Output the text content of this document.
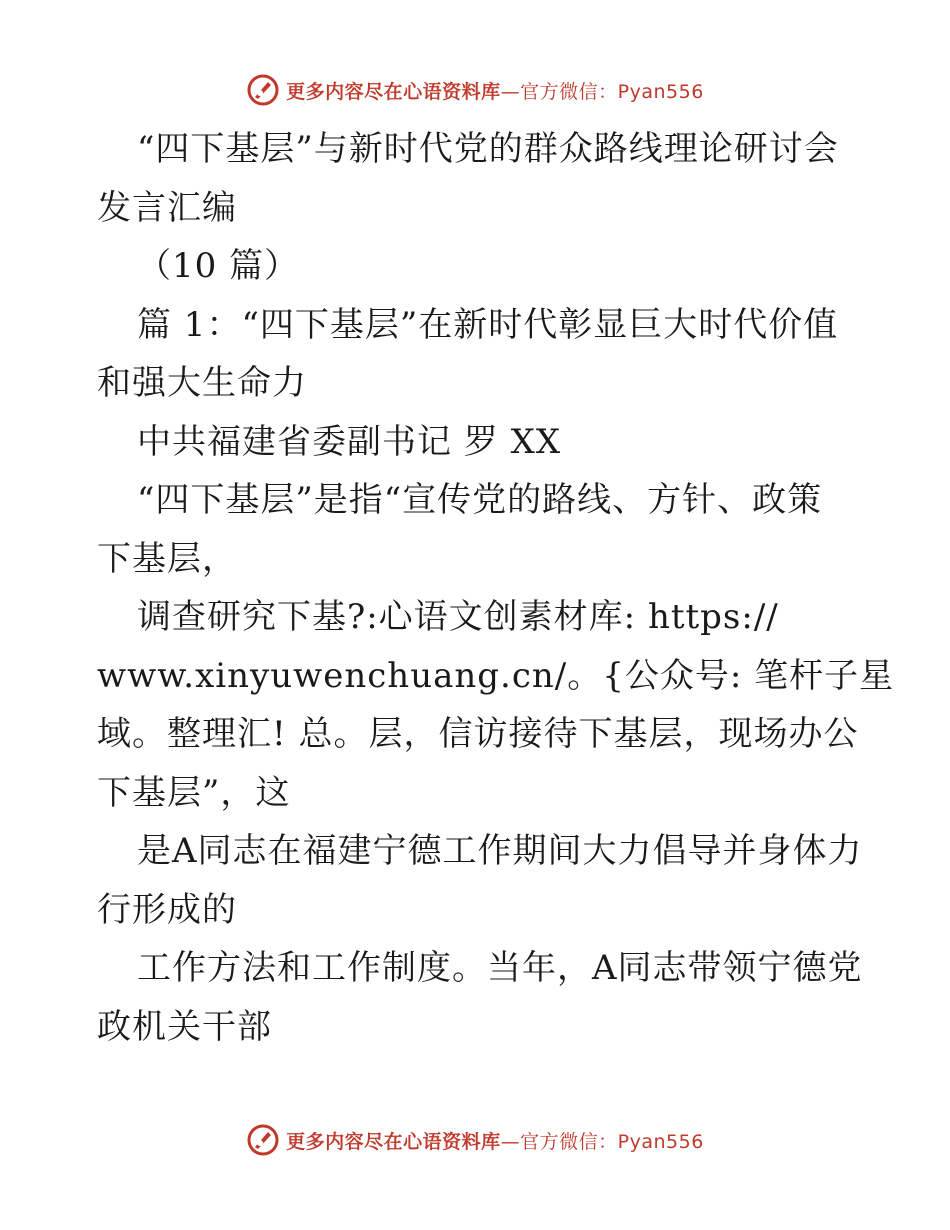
更多内容尽在心语资料库—官方微信：Pyan556
“四下基层”与新时代党的群众路线理论研讨会
发言汇编
（10 篇）
篇 1：“四下基层”在新时代彰显巨大时代价值
和强大生命力
中共福建省委副书记 罗 XX
“四下基层”是指“宣传党的路线、方针、政策
下基层，
调查研究下基?:心语文创素材库: https://
www.xinyuwenchuang.cn/。{公众号: 笔杆子星
域。整理汇! 总。层，信访接待下基层，现场办公
下基层”，这
是A同志在福建宁德工作期间大力倡导并身体力
行形成的
工作方法和工作制度。当年，A同志带领宁德党
政机关干部
更多内容尽在心语资料库—官方微信：Pyan556
